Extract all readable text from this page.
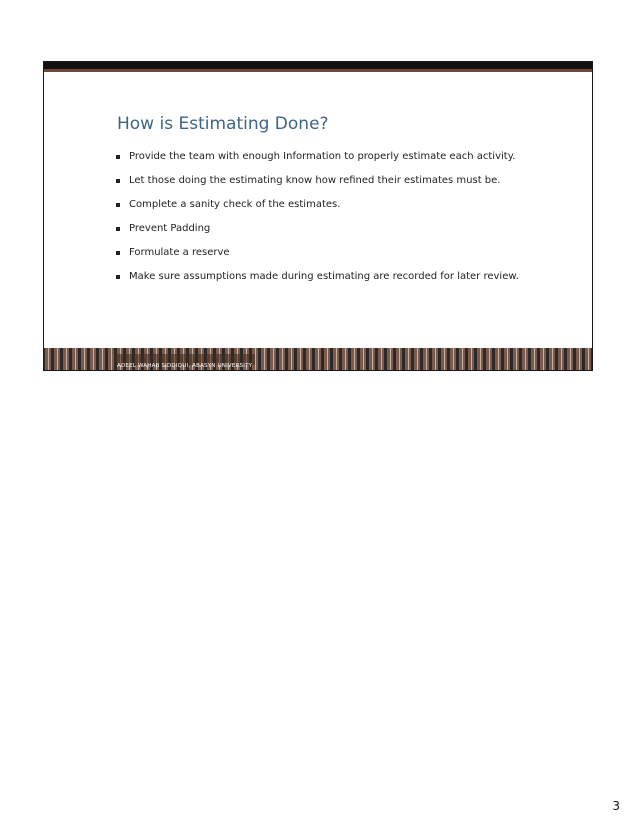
How is Estimating Done?
Provide the team with enough Information to properly estimate each activity.
Let those doing the estimating know how refined their estimates must be.
Complete a sanity check of the estimates.
Prevent Padding
Formulate a reserve
Make sure assumptions made during estimating are recorded for later review.
ADEEL WAHAB SIDDIQUI, ABASYN UNIVERSITY
3
